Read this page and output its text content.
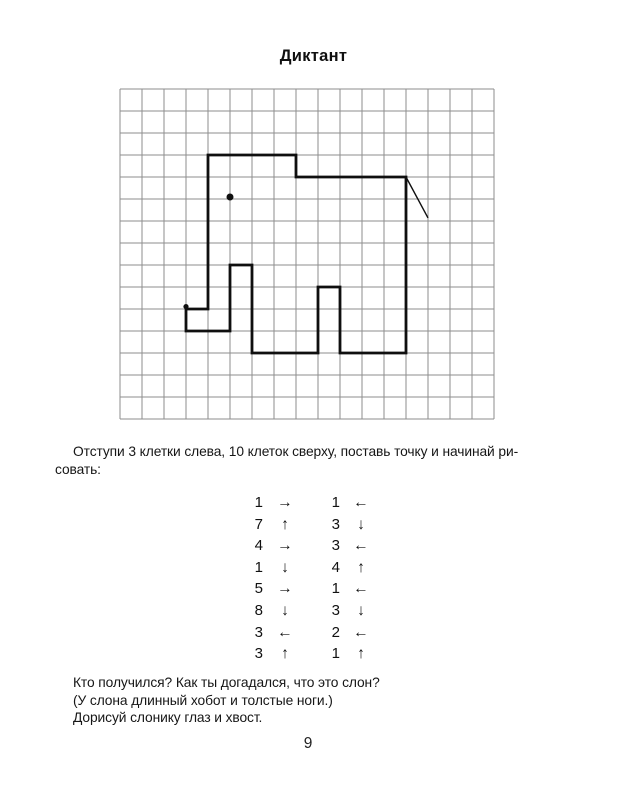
Диктант
Отступи 3 клетки слева, 10 клеток сверху, поставь точку и начинай ри-
совать:
1 →	1 ←
7	↑	3	↓
4 →	3 ←
1	↓	4	↑
5 →	1 ←
8	↓	3	↓
3 ←	2 ←
3	↑	1	↑
Кто получился? Как ты догадался, что это слон?
(У слона длинный хобот и толстые ноги.)
Дорисуй слонику глаз и хвост.
9
